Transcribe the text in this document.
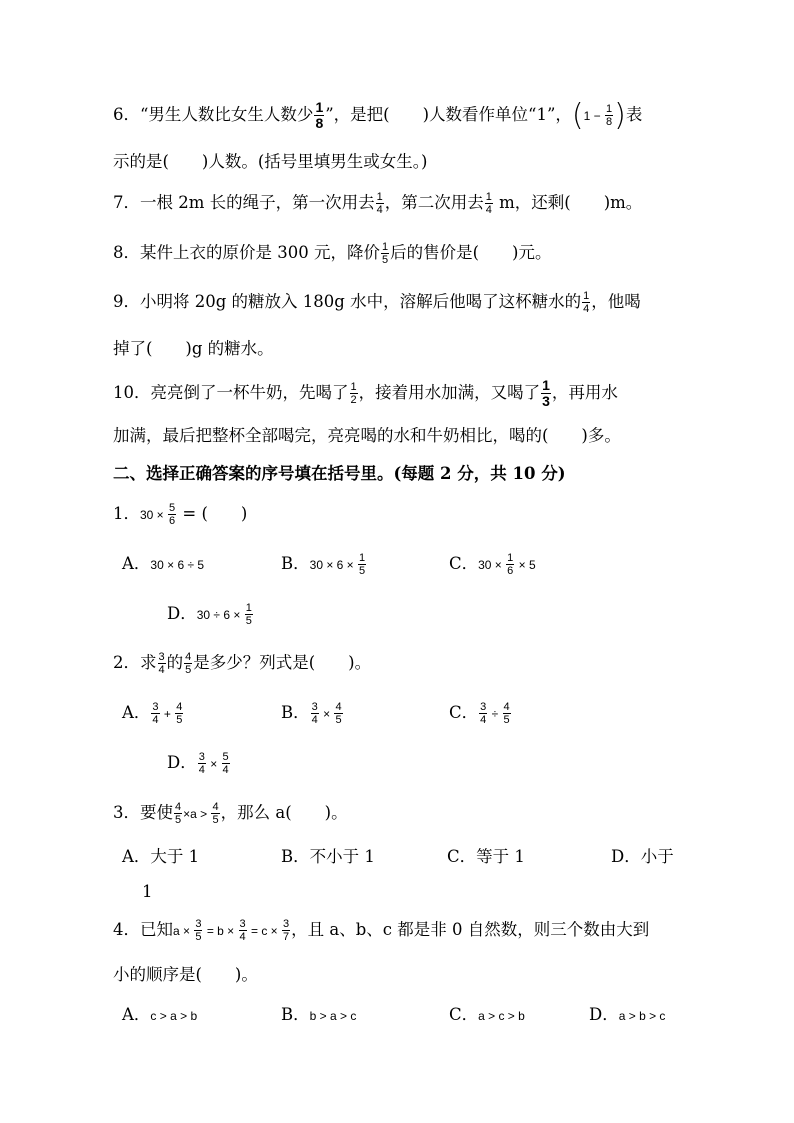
6．“男生人数比女生人数少 $\frac{1}{8}$ ”，是把(　　)人数看作单位“1”，($1 - \frac{1}{8}$ )表
示的是(　　)人数。(括号里填男生或女生。)
7．一根 2m 长的绳子，第一次用去 $\frac{1}{4}$ ，第二次用去 $\frac{1}{4}$ m，还剩(　　)m。
8．某件上衣的原价是 300 元，降价 $\frac{1}{5}$ 后的售价是(　　)元。
9．小明将 20g 的糖放入 180g 水中，溶解后他喝了这杯糖水的 $\frac{1}{4}$ ，他喝
掉了(　　)g 的糖水。
10．亮亮倒了一杯牛奶，先喝了 $\frac{1}{2}$ ，接着用水加满，又喝了 $\frac{1}{3}$ ，再用水
加满，最后把整杯全部喝完，亮亮喝的水和牛奶相比，喝的(　　)多。
二、选择正确答案的序号填在括号里。(每题 2 分，共 10 分)
1．$30 \times \frac{5}{6}$ = (　　)
A．30 × 6 ÷ 5	B．$30 \times 6 \times \frac{1}{5}$	C．$30 \times \frac{1}{6} \times 5$
D．$30 \div 6 \times \frac{1}{5}$
2．求 $\frac{3}{4}$ 的 $\frac{4}{5}$ 是多少？列式是(　　)。
A． $\frac{3}{4} + \frac{4}{5}$	B． $\frac{3}{4} \times \frac{4}{5}$	C． $\frac{3}{4} \div \frac{4}{5}$
D． $\frac{3}{4} \times \frac{5}{4}$
3．要使 $\frac{4}{5} \times a > \frac{4}{5}$ ，那么 a(　　)。
A．大于 1	B．不小于 1	C．等于 1	D．小于
1
4．已知$a \times \frac{3}{5} = b \times \frac{3}{4} = c \times \frac{3}{7}$ ，且 a、b、c 都是非 0 自然数，则三个数由大到
小的顺序是(　　)。
A．c > a > b	B．b > a > c	C．a > c > b	D．a > b > c
